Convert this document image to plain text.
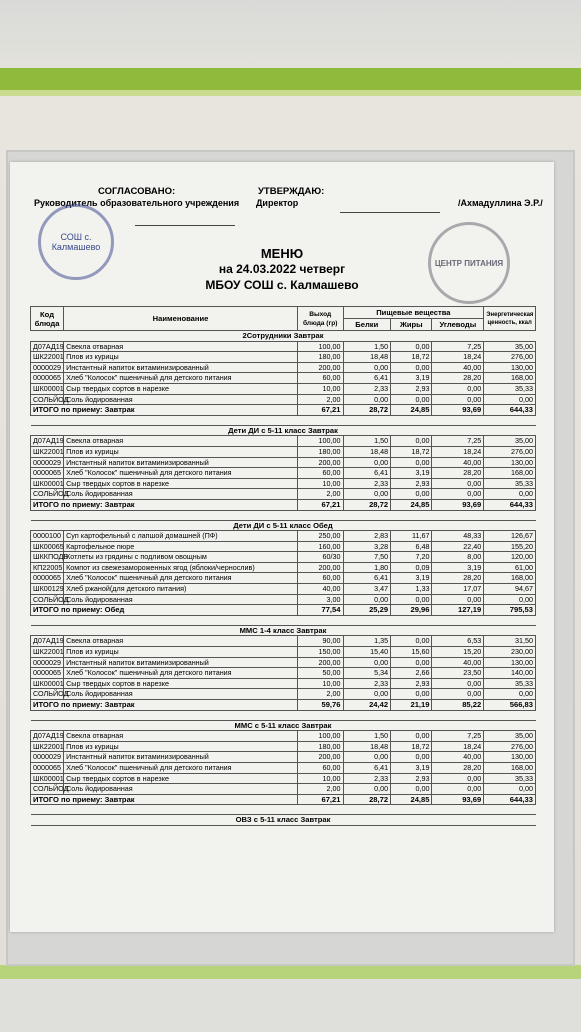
СОГЛАСОВАНО:
Руководитель образовательного учреждения
УТВЕРЖДАЮ:
Директор	/Ахмадуллина Э.Р./
СОШ с. Калмашево
ЦЕНТР ПИТАНИЯ
МЕНЮ
на 24.03.2022 четверг
МБОУ СОШ с. Калмашево
Код блюда	Наименование	Выход блюда (гр)	Пищевые вещества			Энергетическая ценность, ккал
			Белки	Жиры	Углеводы	
2Сотрудники Завтрак						
Д07АД19	Свекла отварная	100,00	1,50	0,00	7,25	35,00
ШК22001	Плов из курицы	180,00	18,48	18,72	18,24	276,00
0000029	Инстантный напиток витаминизированный	200,00	0,00	0,00	40,00	130,00
0000065	Хлеб "Колосок" пшеничный для детского питания	60,00	6,41	3,19	28,20	168,00
ШК00001	Сыр твердых сортов в нарезке	10,00	2,33	2,93	0,00	35,33
СОЛЬЙОД	Соль йодированная	2,00	0,00	0,00	0,00	0,00
ИТОГО по приему: Завтрак		67,21	28,72	24,85	93,69	644,33

Дети ДИ с 5-11 класс Завтрак						
Д07АД19	Свекла отварная	100,00	1,50	0,00	7,25	35,00
ШК22001	Плов из курицы	180,00	18,48	18,72	18,24	276,00
0000029	Инстантный напиток витаминизированный	200,00	0,00	0,00	40,00	130,00
0000065	Хлеб "Колосок" пшеничный для детского питания	60,00	6,41	3,19	28,20	168,00
ШК00001	Сыр твердых сортов в нарезке	10,00	2,33	2,93	0,00	35,33
СОЛЬЙОД	Соль йодированная	2,00	0,00	0,00	0,00	0,00
ИТОГО по приему: Завтрак		67,21	28,72	24,85	93,69	644,33

Дети ДИ с 5-11 класс Обед						
0000100	Суп картофельный с лапшой домашней (ПФ)	250,00	2,83	11,67	48,33	126,67
ШК00065	Картофельное пюре	160,00	3,28	6,48	22,40	155,20
ШККПОДВ	Котлеты из грядины с подливом овощным	60/30	7,50	7,20	8,00	120,00
КП22005	Компот из свежезамороженных ягод (яблоки/чернослив)	200,00	1,80	0,09	3,19	61,00
0000065	Хлеб "Колосок" пшеничный для детского питания	60,00	6,41	3,19	28,20	168,00
ШК00129	Хлеб ржаной(для детского питания)	40,00	3,47	1,33	17,07	94,67
СОЛЬЙОД	Соль йодированная	3,00	0,00	0,00	0,00	0,00
ИТОГО по приему: Обед		77,54	25,29	29,96	127,19	795,53

ММС 1-4 класс Завтрак						
Д07АД19	Свекла отварная	90,00	1,35	0,00	6,53	31,50
ШК22001	Плов из курицы	150,00	15,40	15,60	15,20	230,00
0000029	Инстантный напиток витаминизированный	200,00	0,00	0,00	40,00	130,00
0000065	Хлеб "Колосок" пшеничный для детского питания	50,00	5,34	2,66	23,50	140,00
ШК00001	Сыр твердых сортов в нарезке	10,00	2,33	2,93	0,00	35,33
СОЛЬЙОД	Соль йодированная	2,00	0,00	0,00	0,00	0,00
ИТОГО по приему: Завтрак		59,76	24,42	21,19	85,22	566,83

ММС с 5-11 класс Завтрак						
Д07АД19	Свекла отварная	100,00	1,50	0,00	7,25	35,00
ШК22001	Плов из курицы	180,00	18,48	18,72	18,24	276,00
0000029	Инстантный напиток витаминизированный	200,00	0,00	0,00	40,00	130,00
0000065	Хлеб "Колосок" пшеничный для детского питания	60,00	6,41	3,19	28,20	168,00
ШК00001	Сыр твердых сортов в нарезке	10,00	2,33	2,93	0,00	35,33
СОЛЬЙОД	Соль йодированная	2,00	0,00	0,00	0,00	0,00
ИТОГО по приему: Завтрак		67,21	28,72	24,85	93,69	644,33

ОВЗ с 5-11 класс Завтрак						
